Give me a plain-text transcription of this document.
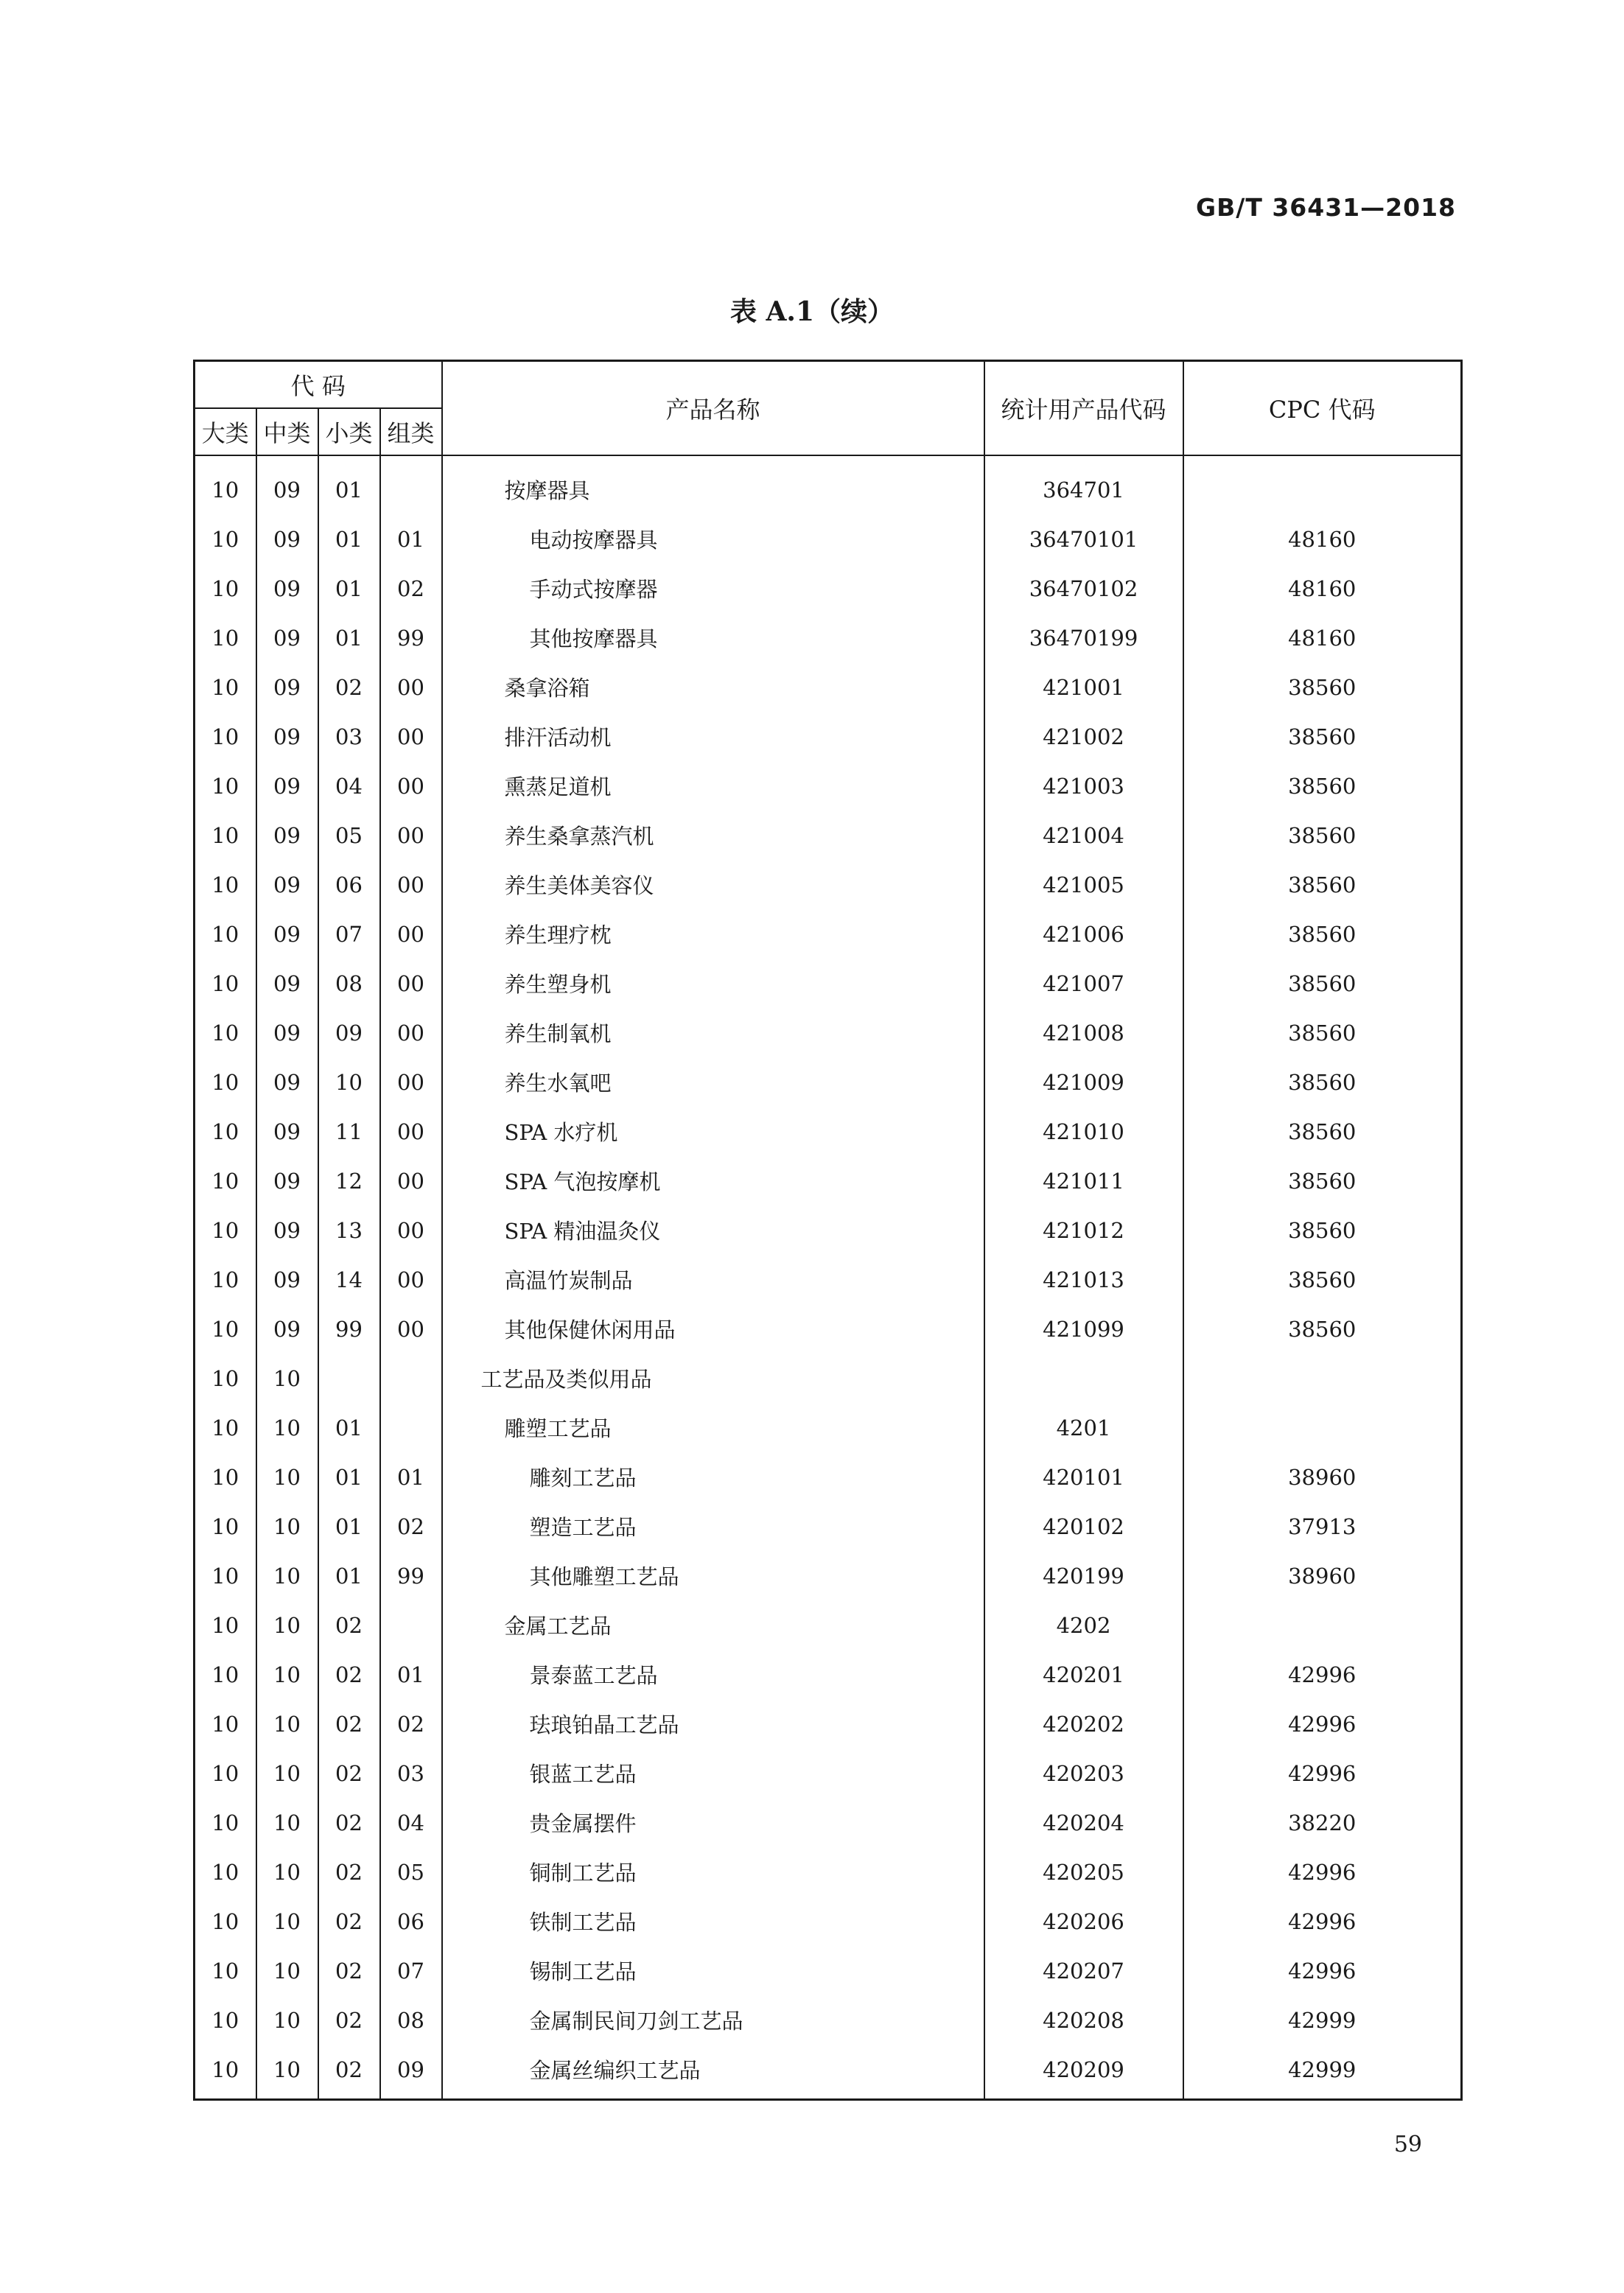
GB/T 36431—2018
表 A.1（续）
代 码				产品名称	统计用产品代码	CPC 代码
大类	中类	小类	组类			
10	09	01		按摩器具	364701	
10	09	01	01	电动按摩器具	36470101	48160
10	09	01	02	手动式按摩器	36470102	48160
10	09	01	99	其他按摩器具	36470199	48160
10	09	02	00	桑拿浴箱	421001	38560
10	09	03	00	排汗活动机	421002	38560
10	09	04	00	熏蒸足道机	421003	38560
10	09	05	00	养生桑拿蒸汽机	421004	38560
10	09	06	00	养生美体美容仪	421005	38560
10	09	07	00	养生理疗枕	421006	38560
10	09	08	00	养生塑身机	421007	38560
10	09	09	00	养生制氧机	421008	38560
10	09	10	00	养生水氧吧	421009	38560
10	09	11	00	SPA 水疗机	421010	38560
10	09	12	00	SPA 气泡按摩机	421011	38560
10	09	13	00	SPA 精油温灸仪	421012	38560
10	09	14	00	高温竹炭制品	421013	38560
10	09	99	00	其他保健休闲用品	421099	38560
10	10			工艺品及类似用品		
10	10	01		雕塑工艺品	4201	
10	10	01	01	雕刻工艺品	420101	38960
10	10	01	02	塑造工艺品	420102	37913
10	10	01	99	其他雕塑工艺品	420199	38960
10	10	02		金属工艺品	4202	
10	10	02	01	景泰蓝工艺品	420201	42996
10	10	02	02	珐琅铂晶工艺品	420202	42996
10	10	02	03	银蓝工艺品	420203	42996
10	10	02	04	贵金属摆件	420204	38220
10	10	02	05	铜制工艺品	420205	42996
10	10	02	06	铁制工艺品	420206	42996
10	10	02	07	锡制工艺品	420207	42996
10	10	02	08	金属制民间刀剑工艺品	420208	42999
10	10	02	09	金属丝编织工艺品	420209	42999
59
